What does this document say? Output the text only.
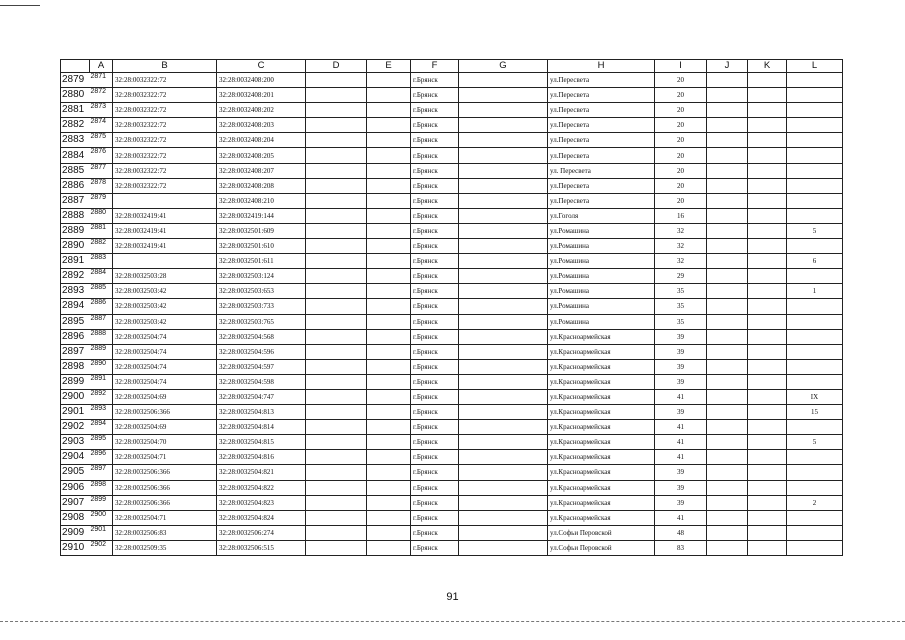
	A	B	C	D	E	F	G	H	I	J	K	L
2879	2871	32:28:0032322:72	32:28:0032408:200			г.Брянск		ул.Пересвета	20			
2880	2872	32:28:0032322:72	32:28:0032408:201			г.Брянск		ул.Пересвета	20			
2881	2873	32:28:0032322:72	32:28:0032408:202			г.Брянск		ул.Пересвета	20			
2882	2874	32:28:0032322:72	32:28:0032408:203			г.Брянск		ул.Пересвета	20			
2883	2875	32:28:0032322:72	32:28:0032408:204			г.Брянск		ул.Пересвета	20			
2884	2876	32:28:0032322:72	32:28:0032408:205			г.Брянск		ул.Пересвета	20			
2885	2877	32:28:0032322:72	32:28:0032408:207			г.Брянск		ул. Пересвета	20			
2886	2878	32:28:0032322:72	32:28:0032408:208			г.Брянск		ул.Пересвета	20			
2887	2879		32:28:0032408:210			г.Брянск		ул.Пересвета	20			
2888	2880	32:28:0032419:41	32:28:0032419:144			г.Брянск		ул.Гоголя	16			
2889	2881	32:28:0032419:41	32:28:0032501:609			г.Брянск		ул.Ромашина	32			5
2890	2882	32:28:0032419:41	32:28:0032501:610			г.Брянск		ул.Ромашина	32			
2891	2883		32:28:0032501:611			г.Брянск		ул.Ромашина	32			6
2892	2884	32:28:0032503:28	32:28:0032503:124			г.Брянск		ул.Ромашина	29			
2893	2885	32:28:0032503:42	32:28:0032503:653			г.Брянск		ул.Ромашина	35			1
2894	2886	32:28:0032503:42	32:28:0032503:733			г.Брянск		ул.Ромашина	35			
2895	2887	32:28:0032503:42	32:28:0032503:765			г.Брянск		ул.Ромашина	35			
2896	2888	32:28:0032504:74	32:28:0032504:568			г.Брянск		ул.Красноармейская	39			
2897	2889	32:28:0032504:74	32:28:0032504:596			г.Брянск		ул.Красноармейская	39			
2898	2890	32:28:0032504:74	32:28:0032504:597			г.Брянск		ул.Красноармейская	39			
2899	2891	32:28:0032504:74	32:28:0032504:598			г.Брянск		ул.Красноармейская	39			
2900	2892	32:28:0032504:69	32:28:0032504:747			г.Брянск		ул.Красноармейская	41			IX
2901	2893	32:28:0032506:366	32:28:0032504:813			г.Брянск		ул.Красноармейская	39			15
2902	2894	32:28:0032504:69	32:28:0032504:814			г.Брянск		ул.Красноармейская	41			
2903	2895	32:28:0032504:70	32:28:0032504:815			г.Брянск		ул.Красноармейская	41			5
2904	2896	32:28:0032504:71	32:28:0032504:816			г.Брянск		ул.Красноармейская	41			
2905	2897	32:28:0032506:366	32:28:0032504:821			г.Брянск		ул.Красноармейская	39			
2906	2898	32:28:0032506:366	32:28:0032504:822			г.Брянск		ул.Красноармейская	39			
2907	2899	32:28:0032506:366	32:28:0032504:823			г.Брянск		ул.Красноармейская	39			2
2908	2900	32:28:0032504:71	32:28:0032504:824			г.Брянск		ул.Красноармейская	41			
2909	2901	32:28:0032506:83	32:28:0032506:274			г.Брянск		ул.Софьи Перовской	48			
2910	2902	32:28:0032509:35	32:28:0032506:515			г.Брянск		ул.Софьи Перовской	83			
91
